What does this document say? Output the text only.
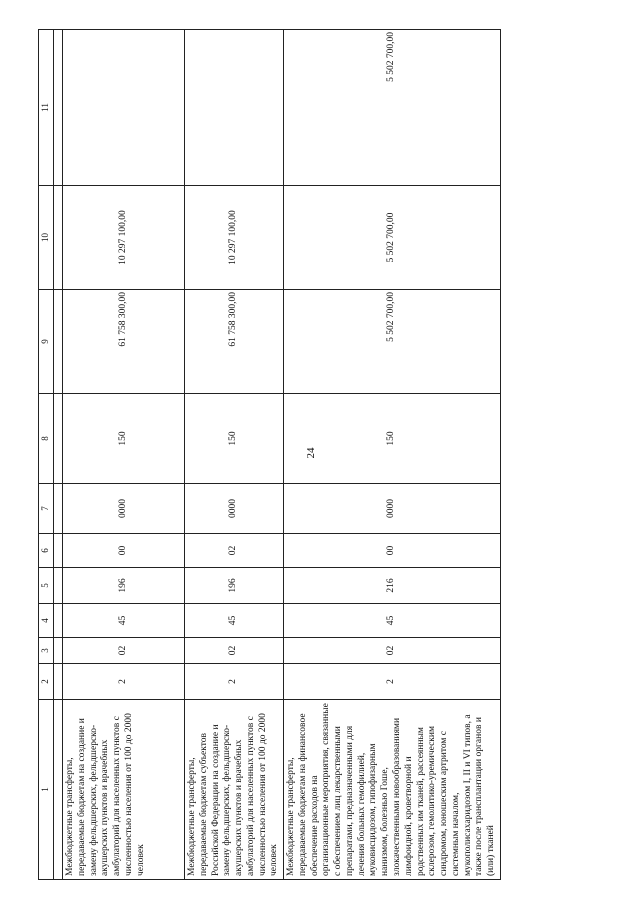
24
1	2	3	4	5	6	7	8	9	10	11

Межбюджетные трансферты, передаваемые бюджетам на создание и замену фельдшерских, фельдшерско-акушерских пунктов и врачебных амбулаторий для населенных пунктов с численностью населения от 100 до 2000 человек	2	02	45	196	00	0000	150	61 758 300,00	10 297 100,00	
Межбюджетные трансферты, передаваемые бюджетам субъектов Российской Федерации на создание и замену фельдшерских, фельдшерско-акушерских пунктов и врачебных амбулаторий для населенных пунктов с численностью населения от 100 до 2000 человек	2	02	45	196	02	0000	150	61 758 300,00	10 297 100,00	
Межбюджетные трансферты, передаваемые бюджетам на финансовое обеспечение расходов на организационные мероприятия, связанные с обеспечением лиц лекарственными препаратами, предназначенными для лечения больных гемофилией, муковисцидозом, гипофизарным нанизмом, болезнью Гоше, злокачественными новообразованиями лимфоидной, кроветворной и родственных им тканей, рассеянным склерозом, гемолитико-уремическим синдромом, юношеским артритом с системным началом, мукополисахаридозом I, II и VI типов, а также после трансплантации органов и (или) тканей	2	02	45	216	00	0000	150	5 502 700,00	5 502 700,00	5 502 700,00
